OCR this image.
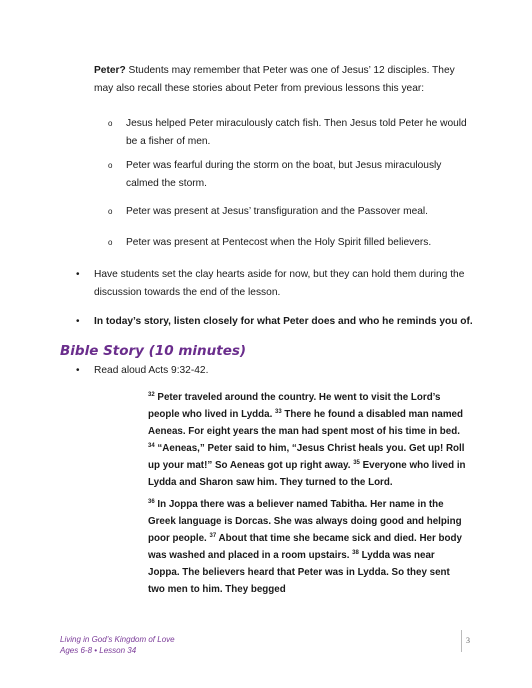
Peter? Students may remember that Peter was one of Jesus’ 12 disciples. They may also recall these stories about Peter from previous lessons this year:
o Jesus helped Peter miraculously catch fish. Then Jesus told Peter he would be a fisher of men.
o Peter was fearful during the storm on the boat, but Jesus miraculously calmed the storm.
o Peter was present at Jesus’ transfiguration and the Passover meal.
o Peter was present at Pentecost when the Holy Spirit filled believers.
• Have students set the clay hearts aside for now, but they can hold them during the discussion towards the end of the lesson.
• In today’s story, listen closely for what Peter does and who he reminds you of.
Bible Story (10 minutes)
• Read aloud Acts 9:32-42.
$^{32}$ Peter traveled around the country. He went to visit the Lord’s people who lived in Lydda. $^{33}$ There he found a disabled man named Aeneas. For eight years the man had spent most of his time in bed. $^{34}$ “Aeneas,” Peter said to him, “Jesus Christ heals you. Get up! Roll up your mat!” So Aeneas got up right away. $^{35}$ Everyone who lived in Lydda and Sharon saw him. They turned to the Lord.
$^{36}$ In Joppa there was a believer named Tabitha. Her name in the Greek language is Dorcas. She was always doing good and helping poor people. $^{37}$ About that time she became sick and died. Her body was washed and placed in a room upstairs. $^{38}$ Lydda was near Joppa. The believers heard that Peter was in Lydda. So they sent two men to him. They begged
Living in God’s Kingdom of Love
Ages 6-8 • Lesson 34
3
